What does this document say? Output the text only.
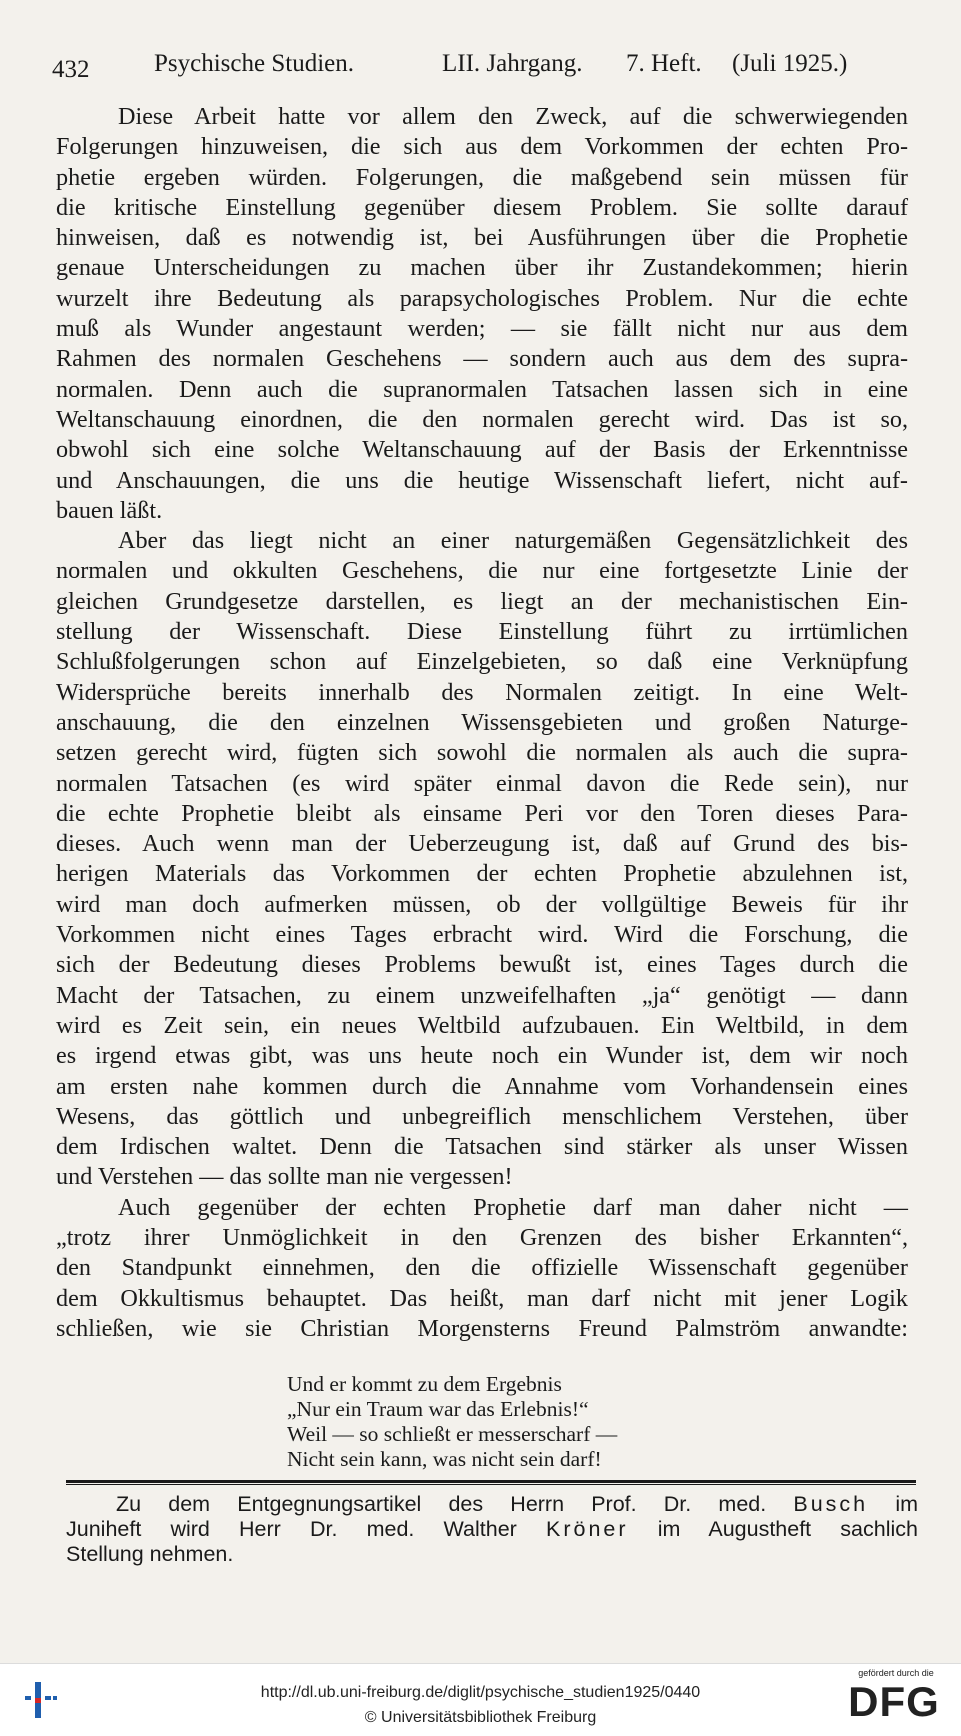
432	Psychische Studien.	LII. Jahrgang. 7. Heft. (Juli 1925.)

Diese Arbeit hatte vor allem den Zweck, auf die schwerwiegenden

Folgerungen hinzuweisen, die sich aus dem Vorkommen der echten Pro-

phetie ergeben würden. Folgerungen, die maßgebend sein müssen für

die kritische Einstellung gegenüber diesem Problem. Sie sollte darauf

hinweisen, daß es notwendig ist, bei Ausführungen über die Prophetie

genaue Unterscheidungen zu machen über ihr Zustandekommen; hierin

wurzelt ihre Bedeutung als parapsychologisches Problem. Nur die echte

muß als Wunder angestaunt werden; — sie fällt nicht nur aus dem

Rahmen des normalen Geschehens — sondern auch aus dem des supra-

normalen. Denn auch die supranormalen Tatsachen lassen sich in eine

Weltanschauung einordnen, die den normalen gerecht wird. Das ist so,

obwohl sich eine solche Weltanschauung auf der Basis der Erkenntnisse

und Anschauungen, die uns die heutige Wissenschaft liefert, nicht auf-

bauen läßt.

Aber das liegt nicht an einer naturgemäßen Gegensätzlichkeit des

normalen und okkulten Geschehens, die nur eine fortgesetzte Linie der

gleichen Grundgesetze darstellen, es liegt an der mechanistischen Ein-

stellung der Wissenschaft. Diese Einstellung führt zu irrtümlichen

Schlußfolgerungen schon auf Einzelgebieten, so daß eine Verknüpfung

Widersprüche bereits innerhalb des Normalen zeitigt. In eine Welt-

anschauung, die den einzelnen Wissensgebieten und großen Naturge-

setzen gerecht wird, fügten sich sowohl die normalen als auch die supra-

normalen Tatsachen (es wird später einmal davon die Rede sein), nur

die echte Prophetie bleibt als einsame Peri vor den Toren dieses Para-

dieses. Auch wenn man der Ueberzeugung ist, daß auf Grund des bis-

herigen Materials das Vorkommen der echten Prophetie abzulehnen ist,

wird man doch aufmerken müssen, ob der vollgültige Beweis für ihr

Vorkommen nicht eines Tages erbracht wird. Wird die Forschung, die

sich der Bedeutung dieses Problems bewußt ist, eines Tages durch die

Macht der Tatsachen, zu einem unzweifelhaften „ja“ genötigt — dann

wird es Zeit sein, ein neues Weltbild aufzubauen. Ein Weltbild, in dem

es irgend etwas gibt, was uns heute noch ein Wunder ist, dem wir noch

am ersten nahe kommen durch die Annahme vom Vorhandensein eines

Wesens, das göttlich und unbegreiflich menschlichem Verstehen, über

dem Irdischen waltet. Denn die Tatsachen sind stärker als unser Wissen

und Verstehen — das sollte man nie vergessen!

Auch gegenüber der echten Prophetie darf man daher nicht —

„trotz ihrer Unmöglichkeit in den Grenzen des bisher Erkannten“,

den Standpunkt einnehmen, den die offizielle Wissenschaft gegenüber

dem Okkultismus behauptet. Das heißt, man darf nicht mit jener Logik

schließen, wie sie Christian Morgensterns Freund Palmström anwandte:

Und er kommt zu dem Ergebnis
„Nur ein Traum war das Erlebnis!“
Weil — so schließt er messerscharf —
Nicht sein kann, was nicht sein darf!

Zu dem Entgegnungsartikel des Herrn Prof. Dr. med. Busch im

Juniheft wird Herr Dr. med. Walther Kröner im Augustheft sachlich

Stellung nehmen.

http://dl.ub.uni-freiburg.de/diglit/psychische_studien1925/0440
© Universitätsbibliothek Freiburg
gefördert durch die
DFG
